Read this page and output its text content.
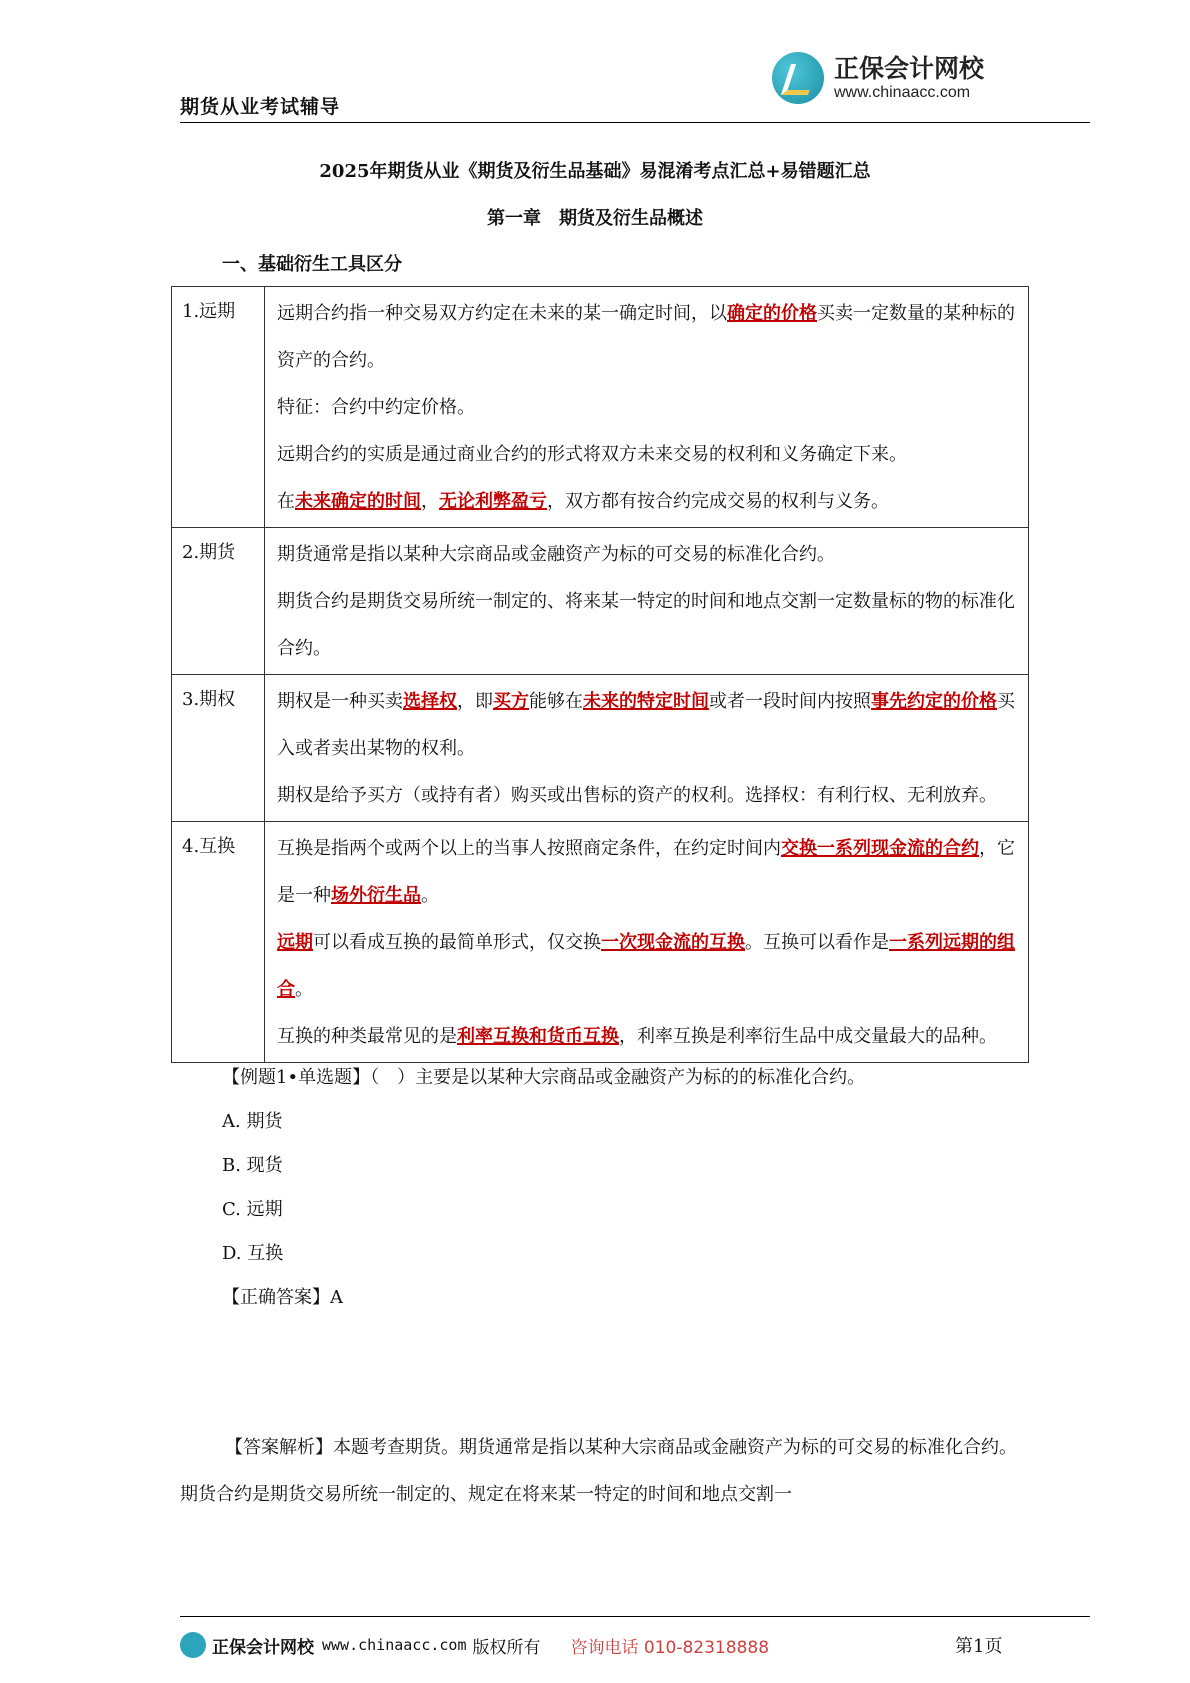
期货从业考试辅导
正保会计网校
www.chinaacc.com
2025年期货从业《期货及衍生品基础》易混淆考点汇总+易错题汇总
第一章　期货及衍生品概述
一、基础衍生工具区分
1.远期	远期合约指一种交易双方约定在未来的某一确定时间，以确定的价格买卖一定数量的某种标的资产的合约。

特征：合约中约定价格。

远期合约的实质是通过商业合约的形式将双方未来交易的权利和义务确定下来。

在未来确定的时间，无论利弊盈亏，双方都有按合约完成交易的权利与义务。

2.期货	期货通常是指以某种大宗商品或金融资产为标的可交易的标准化合约。

期货合约是期货交易所统一制定的、将来某一特定的时间和地点交割一定数量标的物的标准化合约。

3.期权	期权是一种买卖选择权，即买方能够在未来的特定时间或者一段时间内按照事先约定的价格买入或者卖出某物的权利。

期权是给予买方（或持有者）购买或出售标的资产的权利。选择权：有利行权、无利放弃。

4.互换	互换是指两个或两个以上的当事人按照商定条件，在约定时间内交换一系列现金流的合约，它是一种场外衍生品。

远期可以看成互换的最简单形式，仅交换一次现金流的互换。互换可以看作是一系列远期的组合。

互换的种类最常见的是利率互换和货币互换，利率互换是利率衍生品中成交量最大的品种。

【例题1•单选题】（　）主要是以某种大宗商品或金融资产为标的的标准化合约。
A. 期货
B. 现货
C. 远期
D. 互换
【正确答案】A
【答案解析】本题考查期货。期货通常是指以某种大宗商品或金融资产为标的可交易的标准化合约。期货合约是期货交易所统一制定的、规定在将来某一特定的时间和地点交割一
正保会计网校 www.chinaacc.com 版权所有 咨询电话 010-82318888	第1页
